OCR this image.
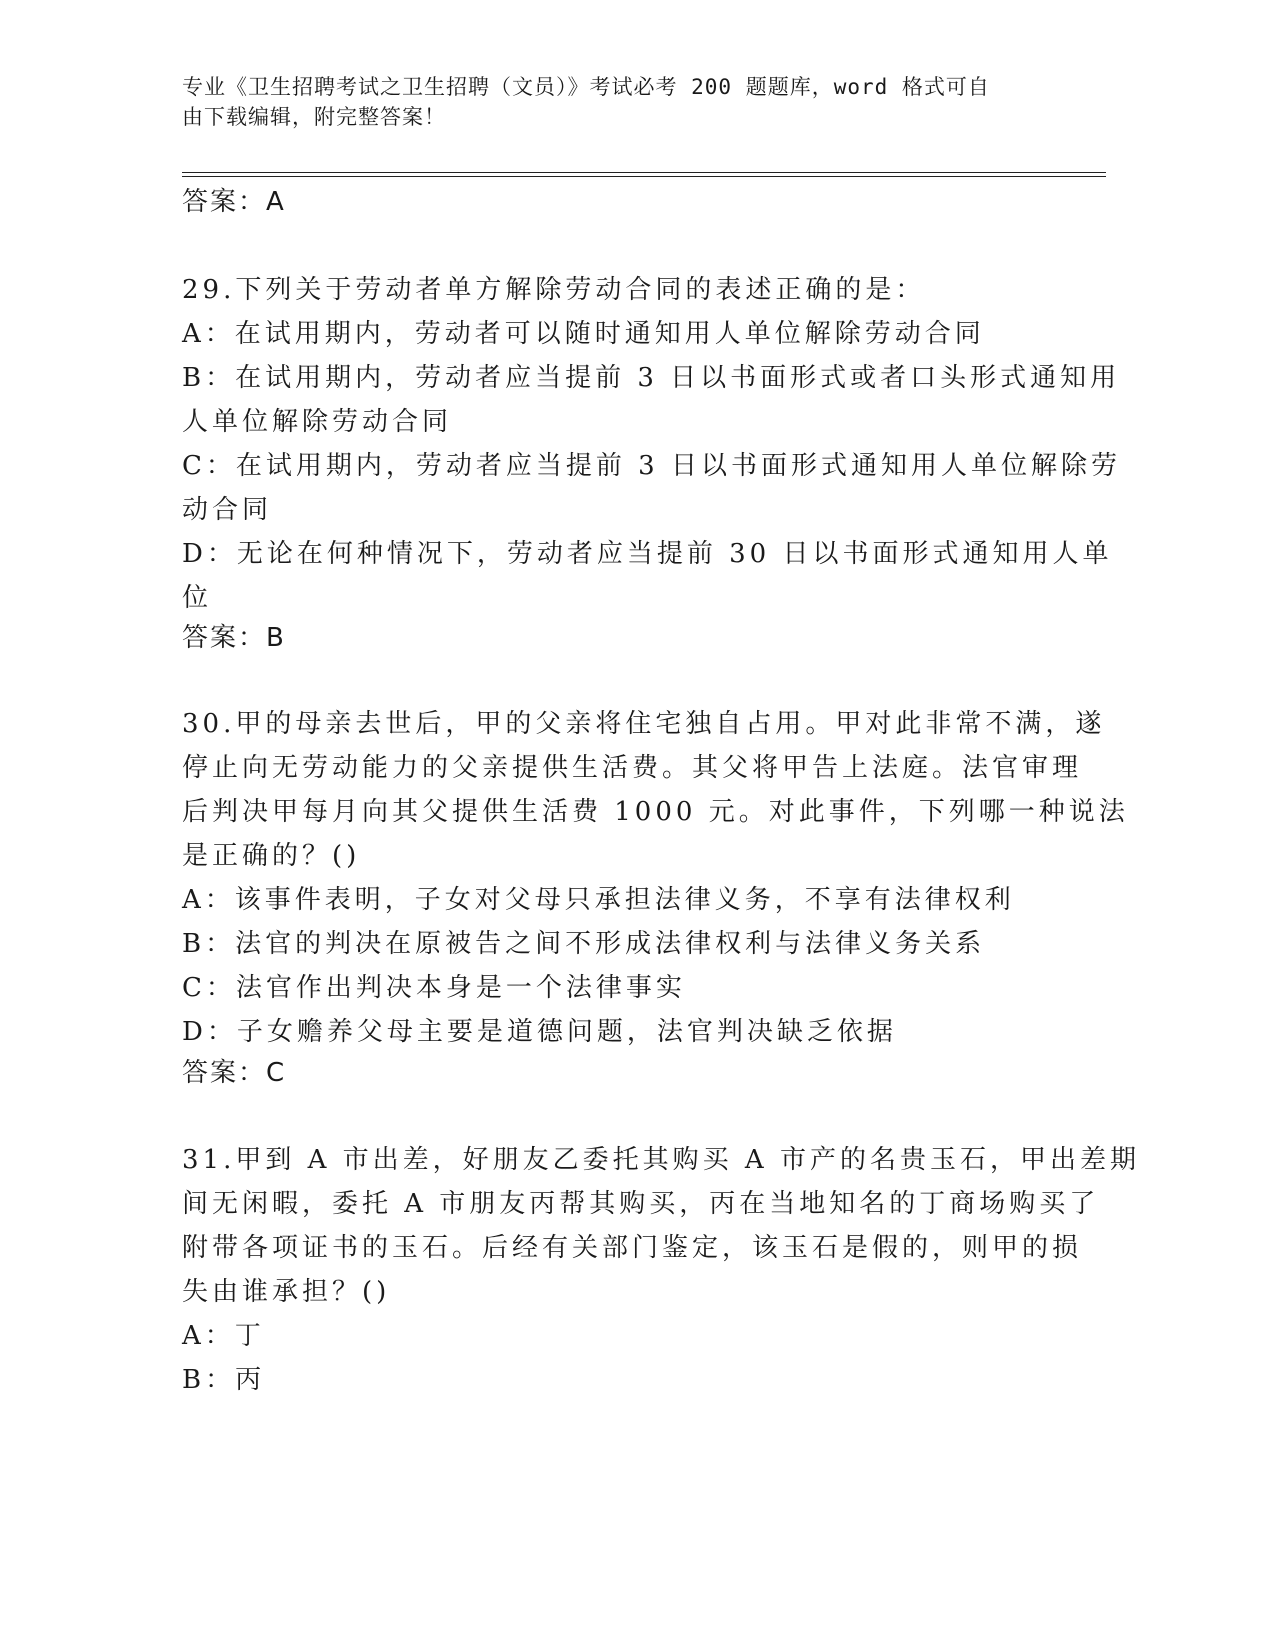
专业《卫生招聘考试之卫生招聘（文员）》考试必考 200 题题库，word 格式可自
由下载编辑，附完整答案！
答案：A
29.下列关于劳动者单方解除劳动合同的表述正确的是：
A：在试用期内，劳动者可以随时通知用人单位解除劳动合同
B：在试用期内，劳动者应当提前 3 日以书面形式或者口头形式通知用
人单位解除劳动合同
C：在试用期内，劳动者应当提前 3 日以书面形式通知用人单位解除劳
动合同
D：无论在何种情况下，劳动者应当提前 30 日以书面形式通知用人单
位
答案：B
30.甲的母亲去世后，甲的父亲将住宅独自占用。甲对此非常不满，遂
停止向无劳动能力的父亲提供生活费。其父将甲告上法庭。法官审理
后判决甲每月向其父提供生活费 1000 元。对此事件，下列哪一种说法
是正确的？()
A：该事件表明，子女对父母只承担法律义务，不享有法律权利
B：法官的判决在原被告之间不形成法律权利与法律义务关系
C：法官作出判决本身是一个法律事实
D：子女赡养父母主要是道德问题，法官判决缺乏依据
答案：C
31.甲到 A 市出差，好朋友乙委托其购买 A 市产的名贵玉石，甲出差期
间无闲暇，委托 A 市朋友丙帮其购买，丙在当地知名的丁商场购买了
附带各项证书的玉石。后经有关部门鉴定，该玉石是假的，则甲的损
失由谁承担？()
A：丁
B：丙
